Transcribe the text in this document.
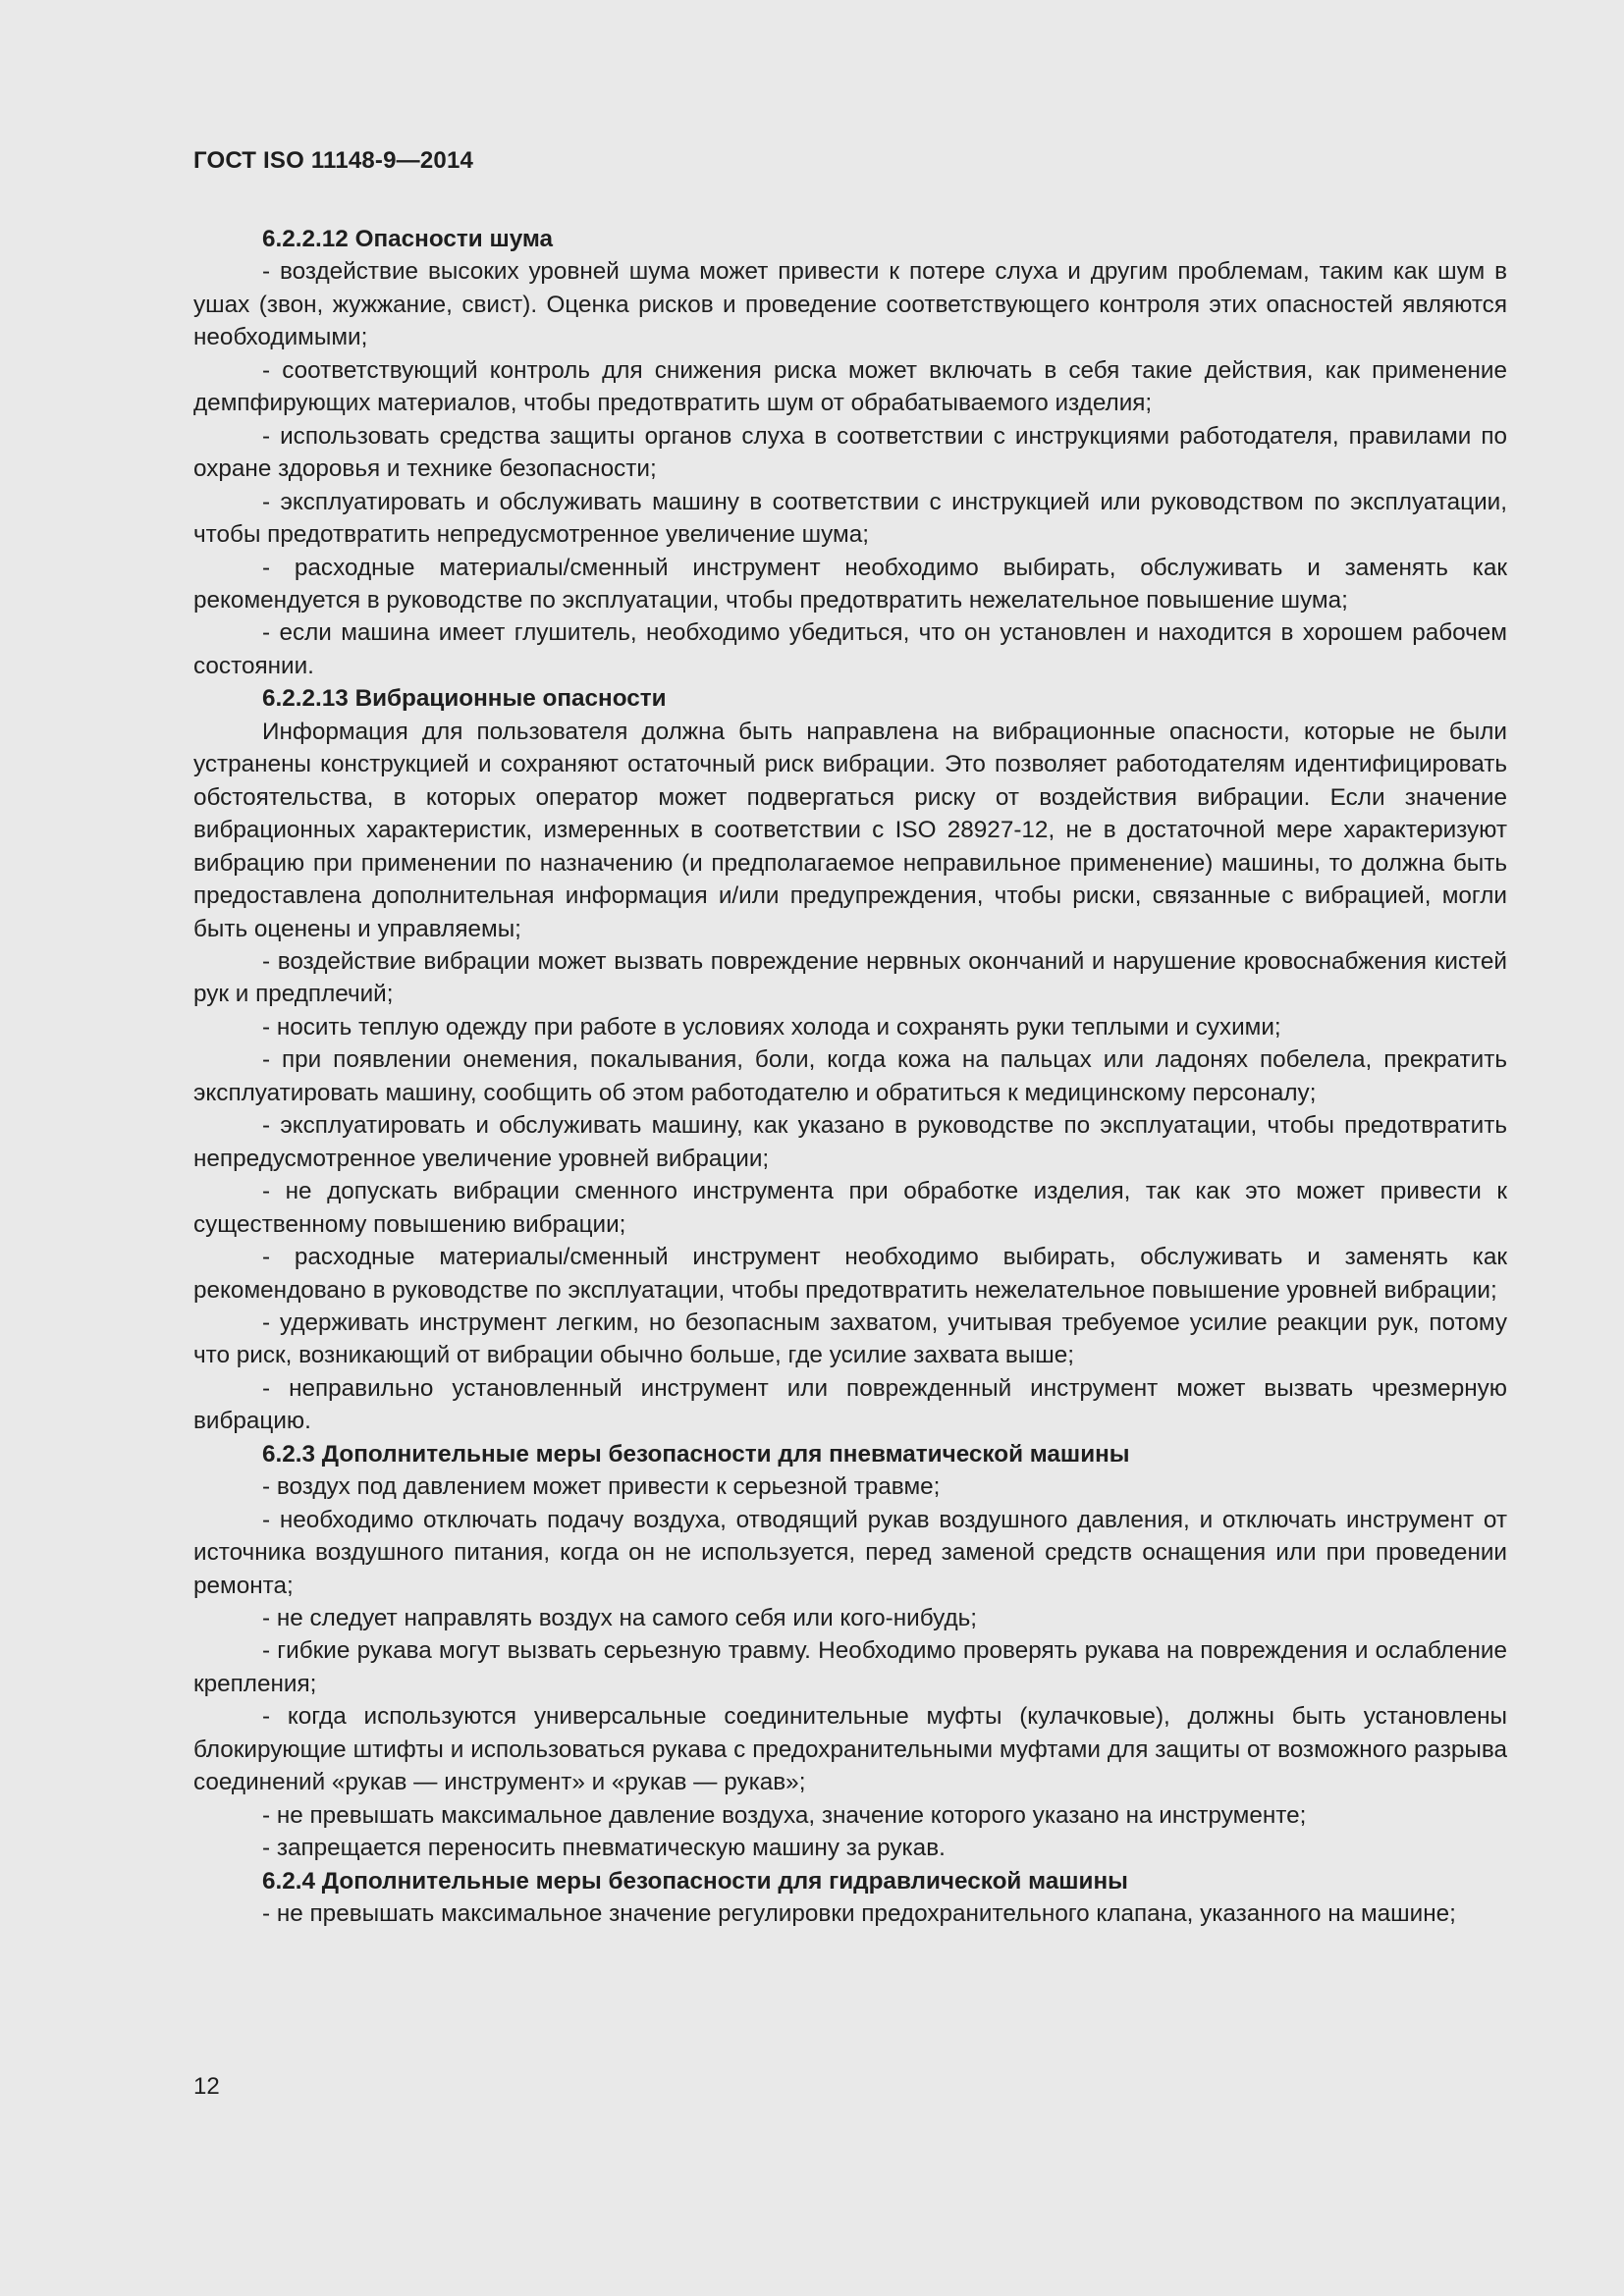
ГОСТ ISO 11148-9—2014

6.2.2.12 Опасности шума

- воздействие высоких уровней шума может привести к потере слуха и другим проблемам, таким как шум в ушах (звон, жужжание, свист). Оценка рисков и проведение соответствующего контроля этих опасностей являются необходимыми;

- соответствующий контроль для снижения риска может включать в себя такие действия, как применение демпфирующих материалов, чтобы предотвратить шум от обрабатываемого изделия;

- использовать средства защиты органов слуха в соответствии с инструкциями работодателя, правилами по охране здоровья и технике безопасности;

- эксплуатировать и обслуживать машину в соответствии с инструкцией или руководством по эксплуатации, чтобы предотвратить непредусмотренное увеличение шума;

- расходные материалы/сменный инструмент необходимо выбирать, обслуживать и заменять как рекомендуется в руководстве по эксплуатации, чтобы предотвратить нежелательное повышение шума;

- если машина имеет глушитель, необходимо убедиться, что он установлен и находится в хорошем рабочем состоянии.

6.2.2.13 Вибрационные опасности

Информация для пользователя должна быть направлена на вибрационные опасности, которые не были устранены конструкцией и сохраняют остаточный риск вибрации. Это позволяет работодателям идентифицировать обстоятельства, в которых оператор может подвергаться риску от воздействия вибрации. Если значение вибрационных характеристик, измеренных в соответствии с ISO 28927-12, не в достаточной мере характеризуют вибрацию при применении по назначению (и предполагаемое неправильное применение) машины, то должна быть предоставлена дополнительная информация и/или предупреждения, чтобы риски, связанные с вибрацией, могли быть оценены и управляемы;

- воздействие вибрации может вызвать повреждение нервных окончаний и нарушение кровоснабжения кистей рук и предплечий;

- носить теплую одежду при работе в условиях холода и сохранять руки теплыми и сухими;

- при появлении онемения, покалывания, боли, когда кожа на пальцах или ладонях побелела, прекратить эксплуатировать машину, сообщить об этом работодателю и обратиться к медицинскому персоналу;

- эксплуатировать и обслуживать машину, как указано в руководстве по эксплуатации, чтобы предотвратить непредусмотренное увеличение уровней вибрации;

- не допускать вибрации сменного инструмента при обработке изделия, так как это может привести к существенному повышению вибрации;

- расходные материалы/сменный инструмент необходимо выбирать, обслуживать и заменять как рекомендовано в руководстве по эксплуатации, чтобы предотвратить нежелательное повышение уровней вибрации;

- удерживать инструмент легким, но безопасным захватом, учитывая требуемое усилие реакции рук, потому что риск, возникающий от вибрации обычно больше, где усилие захвата выше;

- неправильно установленный инструмент или поврежденный инструмент может вызвать чрезмерную вибрацию.

6.2.3 Дополнительные меры безопасности для пневматической машины

- воздух под давлением может привести к серьезной травме;

- необходимо отключать подачу воздуха, отводящий рукав воздушного давления, и отключать инструмент от источника воздушного питания, когда он не используется, перед заменой средств оснащения или при проведении ремонта;

- не следует направлять воздух на самого себя или кого-нибудь;

- гибкие рукава могут вызвать серьезную травму. Необходимо проверять рукава на повреждения и ослабление крепления;

- когда используются универсальные соединительные муфты (кулачковые), должны быть установлены блокирующие штифты и использоваться рукава с предохранительными муфтами для защиты от возможного разрыва соединений «рукав — инструмент» и «рукав — рукав»;

- не превышать максимальное давление воздуха, значение которого указано на инструменте;

- запрещается переносить пневматическую машину за рукав.

6.2.4 Дополнительные меры безопасности для гидравлической машины

- не превышать максимальное значение регулировки предохранительного клапана, указанного на машине;

12
